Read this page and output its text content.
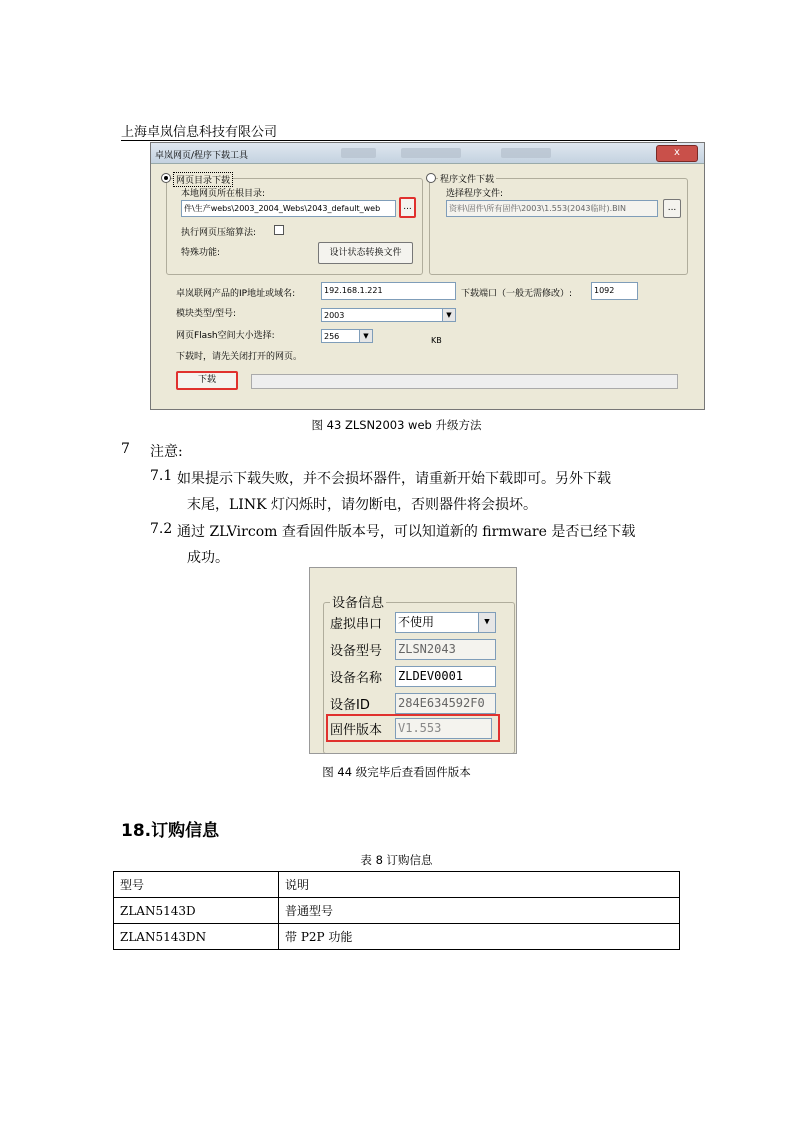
上海卓岚信息科技有限公司
卓岚网页/程序下载工具	x
网页目录下载
本地网页所在根目录:
件\生产webs\2003_2004_Webs\2043_default_web	...
执行网页压缩算法:
特殊功能:	设计状态转换文件
程序文件下载
选择程序文件:
资料\固件\所有固件\2003\1.553(2043临时).BIN	...
卓岚联网产品的IP地址或域名:	192.168.1.221	下载端口（一般无需修改）:	1092
模块类型/型号:	2003	▼
网页Flash空间大小选择:	256	▼	KB
下载时，请先关闭打开的网页。
下载
图 43 ZLSN2003 web 升级方法
7 注意:
7.1 如果提示下载失败，并不会损坏器件，请重新开始下载即可。另外下载
末尾，LINK 灯闪烁时，请勿断电，否则器件将会损坏。
7.2 通过 ZLVircom 查看固件版本号，可以知道新的 firmware 是否已经下载
成功。
设备信息
虚拟串口 不使用	▼
设备型号 ZLSN2043
设备名称 ZLDEV0001
设备ID 284E634592F0
固件版本 V1.553
图 44 级完毕后查看固件版本
18.订购信息
表 8 订购信息
型号	说明
ZLAN5143D	普通型号
ZLAN5143DN	带 P2P 功能
